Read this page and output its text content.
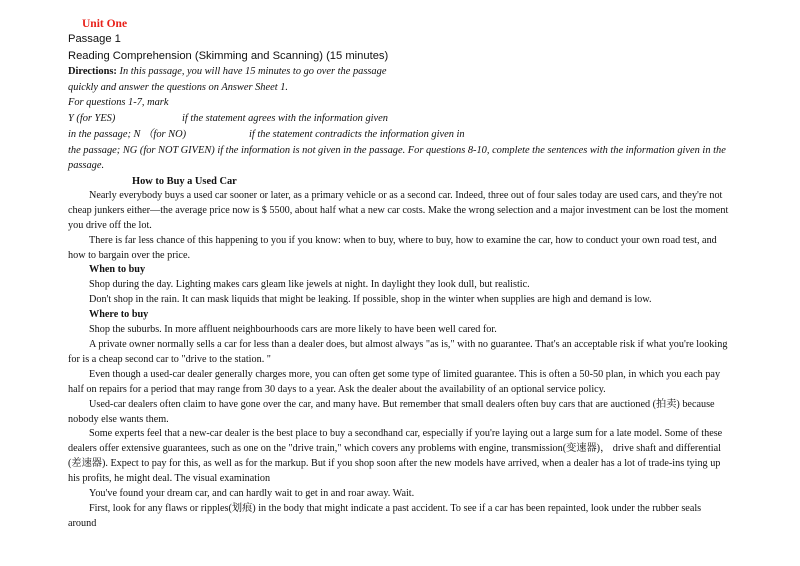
Unit One
Passage 1
Reading Comprehension (Skimming and Scanning) (15 minutes)
Directions: In this passage, you will have 15 minutes to go over the passage
quickly and answer the questions on Answer Sheet 1.
For questions 1-7, mark
Y (for YES)	if the statement agrees with the information given
in the passage; N （for NO)	if the statement contradicts the information given in
the passage; NG (for NOT GIVEN) if the information is not given in the passage. For questions 8-10, complete the sentences with the information given in the
passage.
How to Buy a Used Car

Nearly everybody buys a used car sooner or later, as a primary vehicle or as a second car. Indeed, three out of four sales today are used cars, and they're not cheap junkers either—the average price now is $ 5500, about half what a new car costs. Make the wrong selection and a major investment can be lost the moment you drive off the lot.

There is far less chance of this happening to you if you know: when to buy, where to buy, how to examine the car, how to conduct your own road test, and how to bargain over the price.

When to buy

Shop during the day. Lighting makes cars gleam like jewels at night. In daylight they look dull, but realistic.

Don't shop in the rain. It can mask liquids that might be leaking. If possible, shop in the winter when supplies are high and demand is low.

Where to buy

Shop the suburbs. In more affluent neighbourhoods cars are more likely to have been well cared for.

A private owner normally sells a car for less than a dealer does, but almost always "as is," with no guarantee. That's an acceptable risk if what you're looking for is a cheap second car to "drive to the station. "

Even though a used-car dealer generally charges more, you can often get some type of limited guarantee. This is often a 50-50 plan, in which you each pay half on repairs for a period that may range from 30 days to a year. Ask the dealer about the availability of an optional service policy.

Used-car dealers often claim to have gone over the car, and many have. But remember that small dealers often buy cars that are auctioned (拍卖) because nobody else wants them.

Some experts feel that a new-car dealer is the best place to buy a secondhand car, especially if you're laying out a large sum for a late model. Some of these dealers offer extensive guarantees, such as one on the "drive train," which covers any problems with engine, transmission(变速器)， drive shaft and differential (差速器). Expect to pay for this, as well as for the markup. But if you shop soon after the new models have arrived, when a dealer has a lot of trade-ins tying up his profits, he might deal. The visual examination

You've found your dream car, and can hardly wait to get in and roar away. Wait.

First, look for any flaws or ripples(划痕) in the body that might indicate a past accident. To see if a car has been repainted, look under the rubber seals around
